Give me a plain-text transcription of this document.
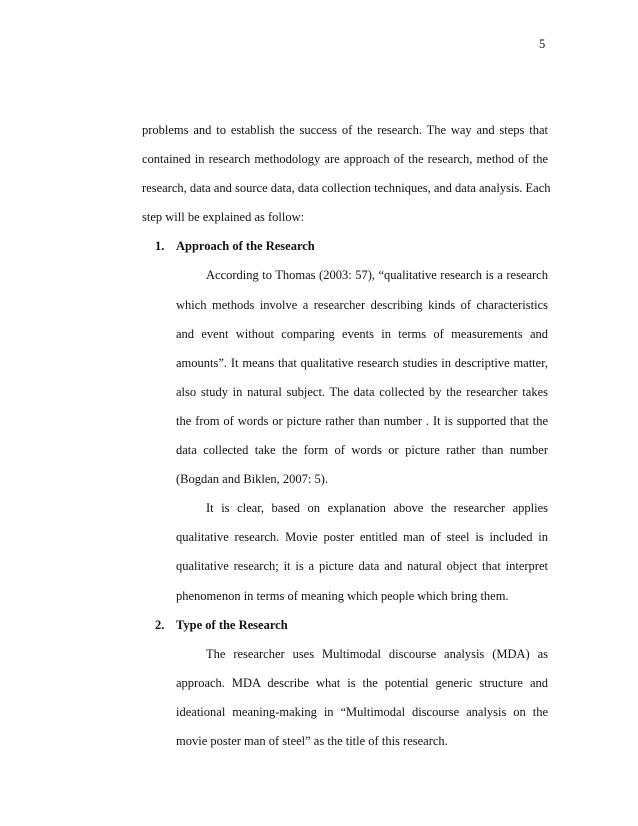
5
problems and to establish the success of the research. The way and steps that
contained in research methodology are approach of the research, method of the
research, data and source data, data collection techniques, and data analysis. Each
step will be explained as follow:
1. Approach of the Research
According to Thomas (2003: 57), “qualitative research is a research
which methods involve a researcher describing kinds of characteristics
and event without comparing events in terms of measurements and
amounts”. It means that qualitative research studies in descriptive matter,
also study in natural subject. The data collected by the researcher takes
the from of words or picture rather than number . It is supported that the
data collected take the form of words or picture rather than number
(Bogdan and Biklen, 2007: 5).
It is clear, based on explanation above the researcher applies
qualitative research. Movie poster entitled man of steel is included in
qualitative research; it is a picture data and natural object that interpret
phenomenon in terms of meaning which people which bring them.
2. Type of the Research
The researcher uses Multimodal discourse analysis (MDA) as
approach. MDA describe what is the potential generic structure and
ideational meaning-making in “Multimodal discourse analysis on the
movie poster man of steel” as the title of this research.
